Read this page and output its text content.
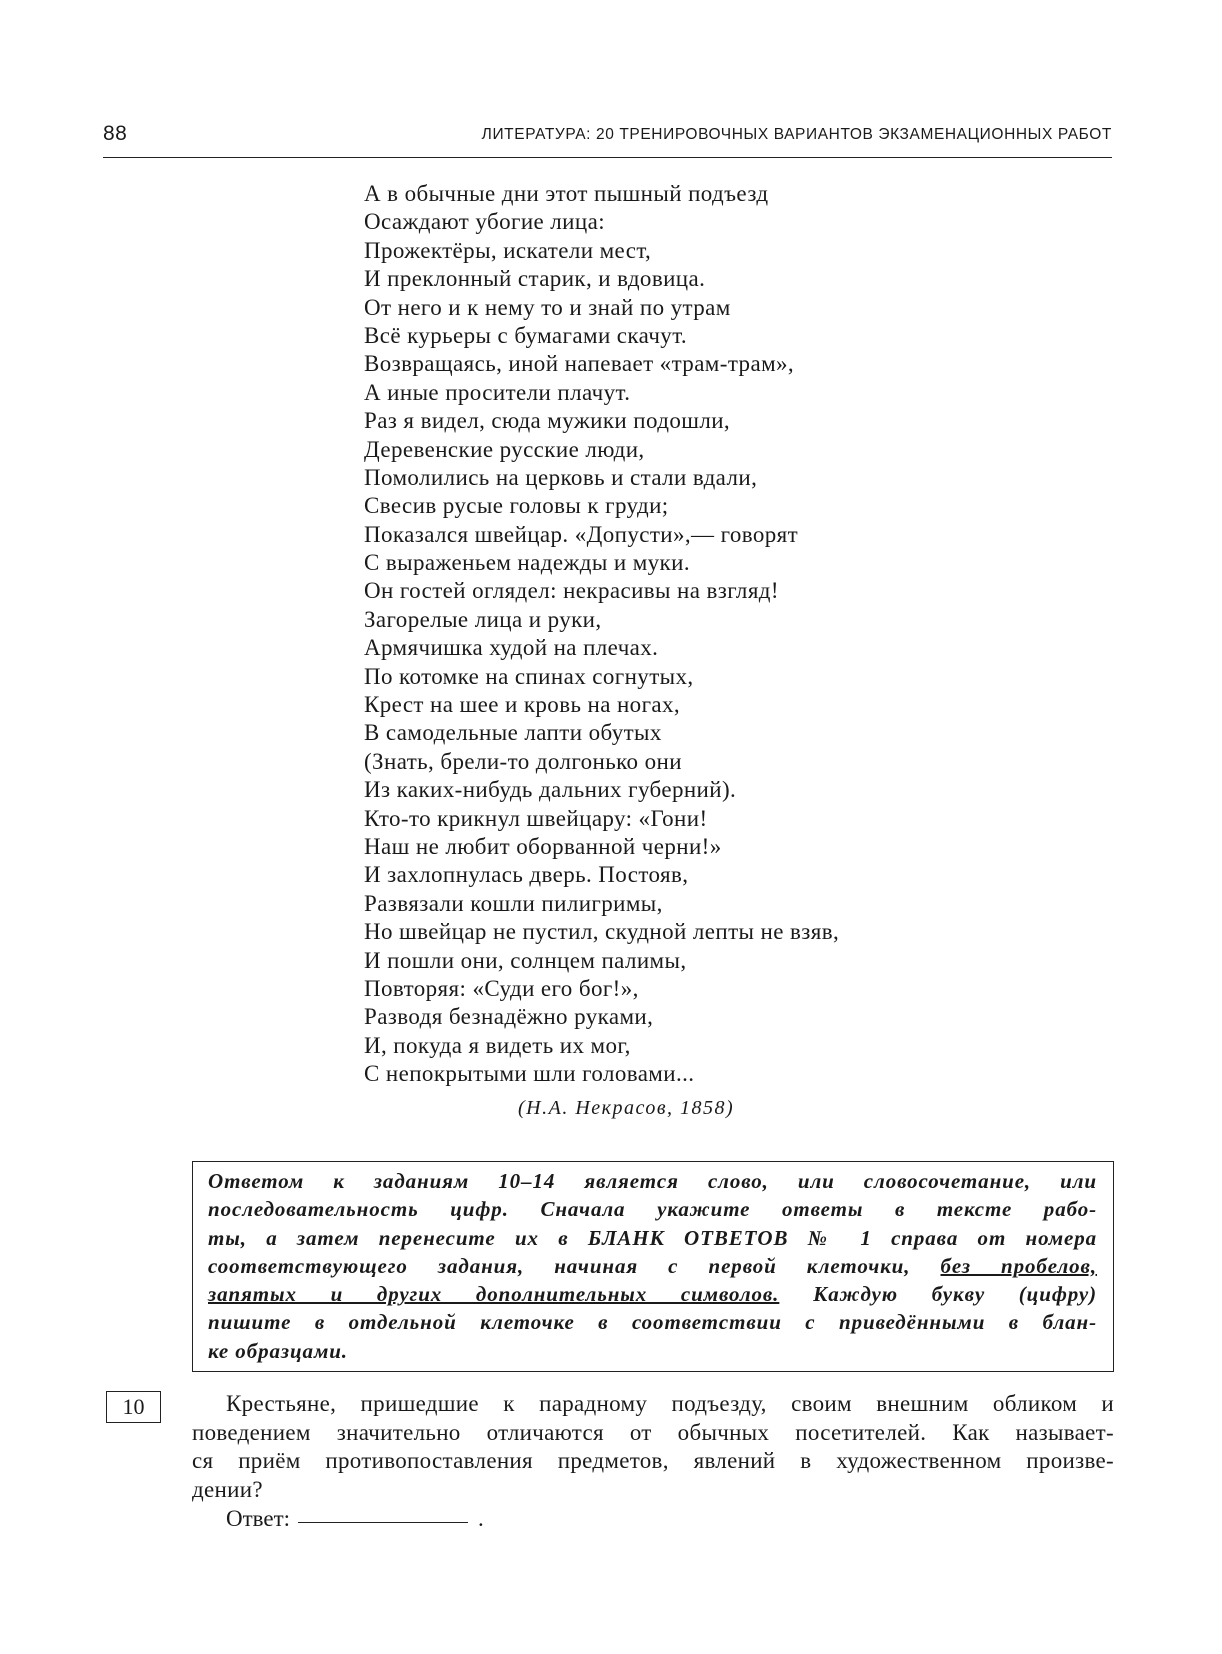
88	ЛИТЕРАТУРА: 20 ТРЕНИРОВОЧНЫХ ВАРИАНТОВ ЭКЗАМЕНАЦИОННЫХ РАБОТ
А в обычные дни этот пышный подъезд
Осаждают убогие лица:
Прожектёры, искатели мест,
И преклонный старик, и вдовица.
От него и к нему то и знай по утрам
Всё курьеры с бумагами скачут.
Возвращаясь, иной напевает «трам-трам»,
А иные просители плачут.
Раз я видел, сюда мужики подошли,
Деревенские русские люди,
Помолились на церковь и стали вдали,
Свесив русые головы к груди;
Показался швейцар. «Допусти»,— говорят
С выраженьем надежды и муки.
Он гостей оглядел: некрасивы на взгляд!
Загорелые лица и руки,
Армячишка худой на плечах.
По котомке на спинах согнутых,
Крест на шее и кровь на ногах,
В самодельные лапти обутых
(Знать, брели-то долгонько они
Из каких-нибудь дальних губерний).
Кто-то крикнул швейцару: «Гони!
Наш не любит оборванной черни!»
И захлопнулась дверь. Постояв,
Развязали кошли пилигримы,
Но швейцар не пустил, скудной лепты не взяв,
И пошли они, солнцем палимы,
Повторяя: «Суди его бог!»,
Разводя безнадёжно руками,
И, покуда я видеть их мог,
С непокрытыми шли головами...
(Н.А. Некрасов, 1858)
Ответом к заданиям 10–14 является слово, или словосочетание, или
последовательность цифр. Сначала укажите ответы в тексте рабо-
ты, а затем перенесите их в БЛАНК ОТВЕТОВ № 1 справа от номера
соответствующего задания, начиная с первой клеточки, без пробелов,
запятых и других дополнительных символов. Каждую букву (цифру)
пишите в отдельной клеточке в соответствии с приведёнными в блан-
ке образцами.
10	Крестьяне, пришедшие к парадному подъезду, своим внешним обликом и
поведением значительно отличаются от обычных посетителей. Как называет-
ся приём противопоставления предметов, явлений в художественном произве-
дении?
Ответ:	.
